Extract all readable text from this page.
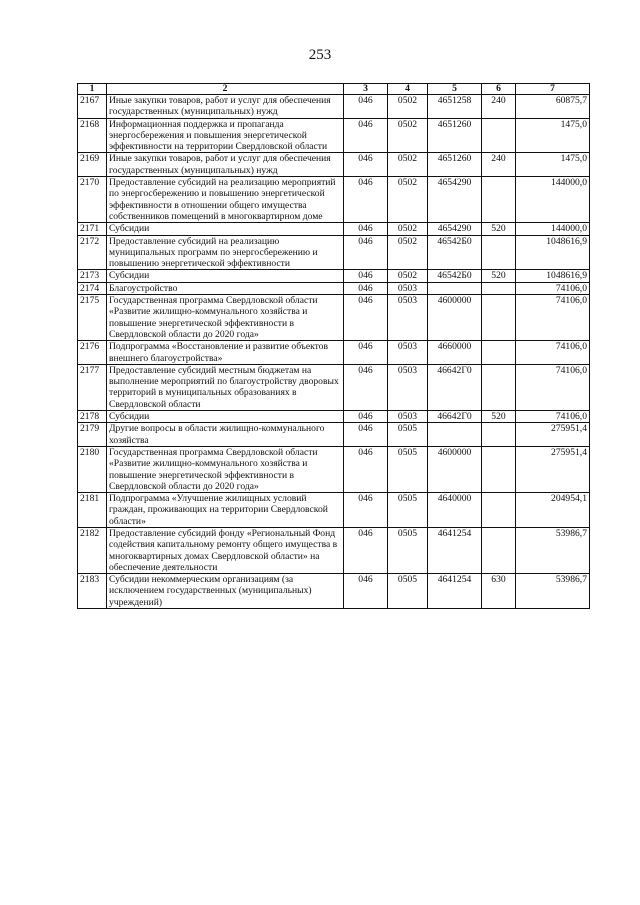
253
1	2	3	4	5	6	7
2167	Иные закупки товаров, работ и услуг для обеспечения государственных (муниципальных) нужд	046	0502	4651258	240	60875,7
2168	Информационная поддержка и пропаганда энергосбережения и повышения энергетической эффективности на территории Свердловской области	046	0502	4651260		1475,0
2169	Иные закупки товаров, работ и услуг для обеспечения государственных (муниципальных) нужд	046	0502	4651260	240	1475,0
2170	Предоставление субсидий на реализацию мероприятий по энергосбережению и повышению энергетической эффективности в отношении общего имущества собственников помещений в многоквартирном доме	046	0502	4654290		144000,0
2171	Субсидии	046	0502	4654290	520	144000,0
2172	Предоставление субсидий на реализацию муниципальных программ по энергосбережению и повышению энергетической эффективности	046	0502	46542Б0		1048616,9
2173	Субсидии	046	0502	46542Б0	520	1048616,9
2174	Благоустройство	046	0503			74106,0
2175	Государственная программа Свердловской области «Развитие жилищно-коммунального хозяйства и повышение энергетической эффективности в Свердловской области до 2020 года»	046	0503	4600000		74106,0
2176	Подпрограмма «Восстановление и развитие объектов внешнего благоустройства»	046	0503	4660000		74106,0
2177	Предоставление субсидий местным бюджетам на выполнение мероприятий по благоустройству дворовых территорий в муниципальных образованиях в Свердловской области	046	0503	46642Г0		74106,0
2178	Субсидии	046	0503	46642Г0	520	74106,0
2179	Другие вопросы в области жилищно-коммунального хозяйства	046	0505			275951,4
2180	Государственная программа Свердловской области «Развитие жилищно-коммунального хозяйства и повышение энергетической эффективности в Свердловской области до 2020 года»	046	0505	4600000		275951,4
2181	Подпрограмма «Улучшение жилищных условий граждан, проживающих на территории Свердловской области»	046	0505	4640000		204954,1
2182	Предоставление субсидий фонду «Региональный Фонд содействия капитальному ремонту общего имущества в многоквартирных домах Свердловской области» на обеспечение деятельности	046	0505	4641254		53986,7
2183	Субсидии некоммерческим организациям (за исключением государственных (муниципальных) учреждений)	046	0505	4641254	630	53986,7
